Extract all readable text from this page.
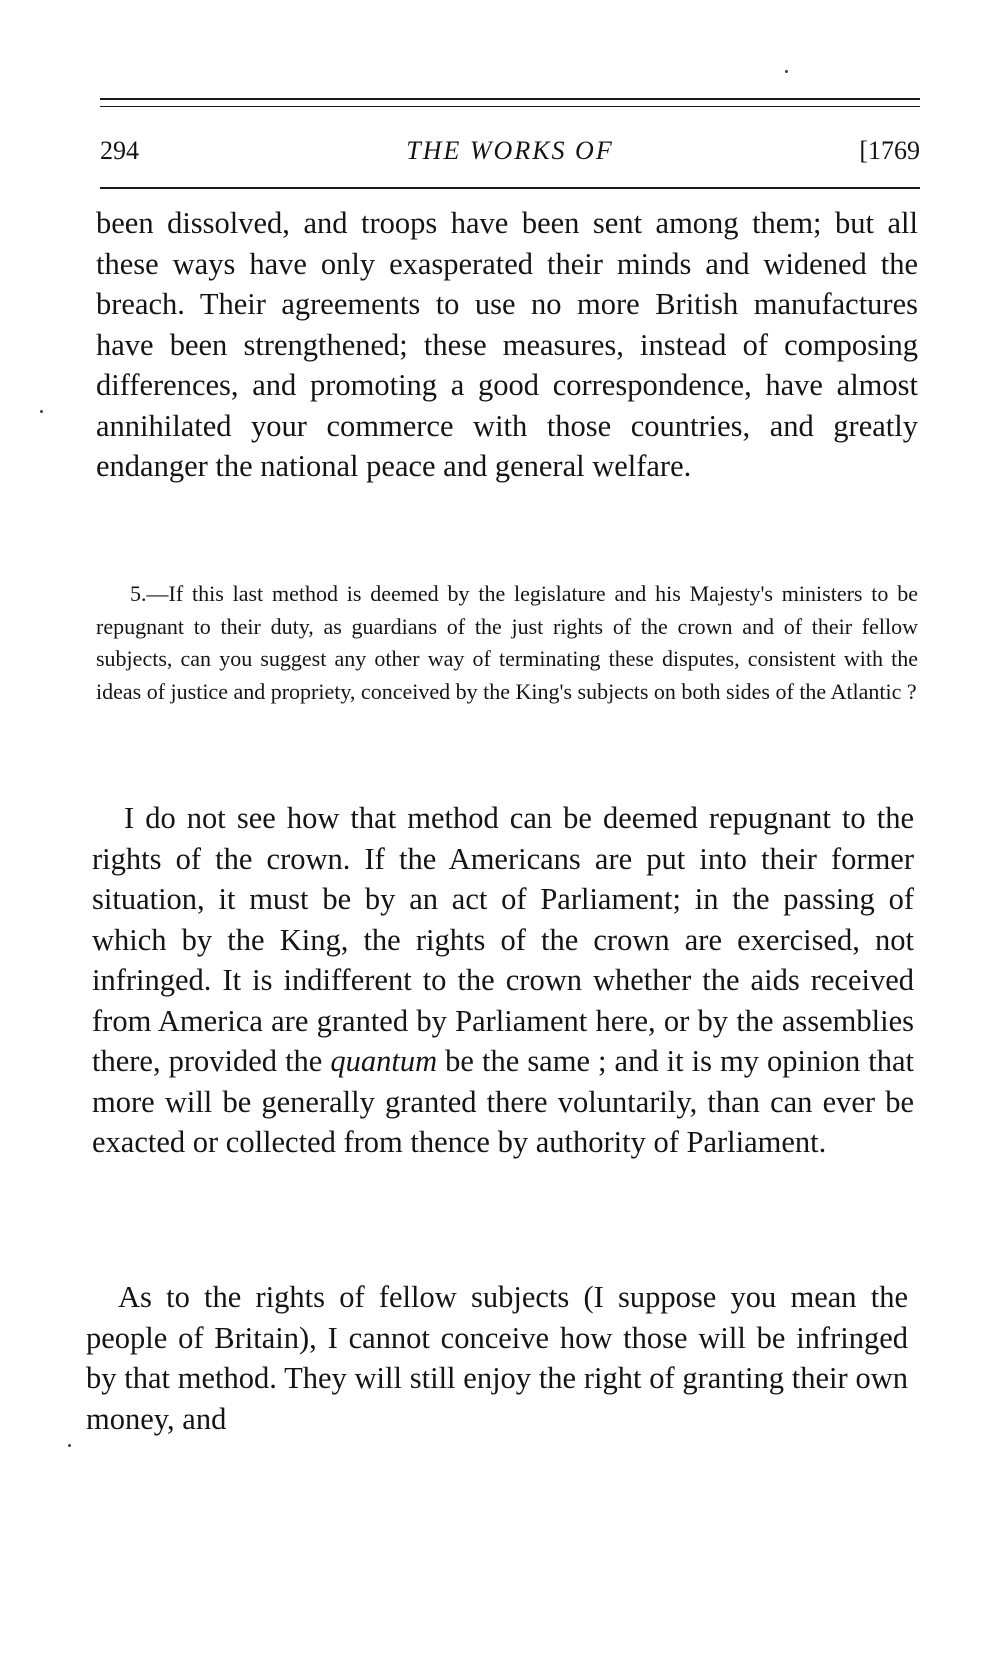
294	THE WORKS OF	[1769

been dissolved, and troops have been sent among them; but all these ways have only exasperated their minds and widened the breach. Their agreements to use no more British manufactures have been strengthened; these measures, instead of composing differences, and promoting a good correspondence, have almost annihilated your commerce with those countries, and greatly endanger the national peace and general welfare.

5.—If this last method is deemed by the legislature and his Majesty's ministers to be repugnant to their duty, as guardians of the just rights of the crown and of their fellow subjects, can you suggest any other way of terminating these disputes, consistent with the ideas of justice and propriety, conceived by the King's subjects on both sides of the Atlantic ?

I do not see how that method can be deemed repugnant to the rights of the crown. If the Americans are put into their former situation, it must be by an act of Parliament; in the passing of which by the King, the rights of the crown are exercised, not infringed. It is indifferent to the crown whether the aids received from America are granted by Parliament here, or by the assemblies there, provided the quantum be the same ; and it is my opinion that more will be generally granted there voluntarily, than can ever be exacted or collected from thence by authority of Parliament.

As to the rights of fellow subjects (I suppose you mean the people of Britain), I cannot conceive how those will be infringed by that method. They will still enjoy the right of granting their own money, and
